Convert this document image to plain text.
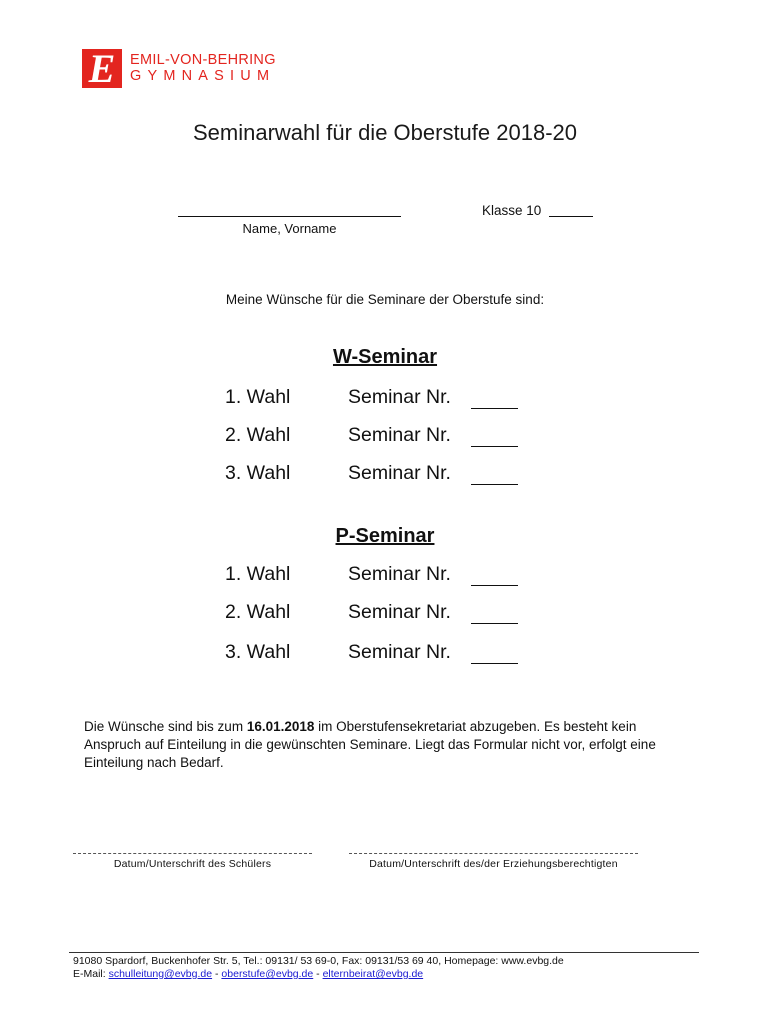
E	EMIL-VON-BEHRING
GYMNASIUM
Seminarwahl für die Oberstufe 2018-20
Name, Vorname
Klasse 10
Meine Wünsche für die Seminare der Oberstufe sind:
W-Seminar
1. Wahl	Seminar Nr.
2. Wahl	Seminar Nr.
3. Wahl	Seminar Nr.
P-Seminar
1. Wahl	Seminar Nr.
2. Wahl	Seminar Nr.
3. Wahl	Seminar Nr.
Die Wünsche sind bis zum 16.01.2018 im Oberstufensekretariat abzugeben. Es besteht kein Anspruch auf Einteilung in die gewünschten Seminare. Liegt das Formular nicht vor, erfolgt eine Einteilung nach Bedarf.
Datum/Unterschrift des Schülers	Datum/Unterschrift des/der Erziehungsberechtigten
91080 Spardorf, Buckenhofer Str. 5, Tel.: 09131/ 53 69-0, Fax: 09131/53 69 40, Homepage: www.evbg.de
E-Mail: schulleitung@evbg.de - oberstufe@evbg.de - elternbeirat@evbg.de
